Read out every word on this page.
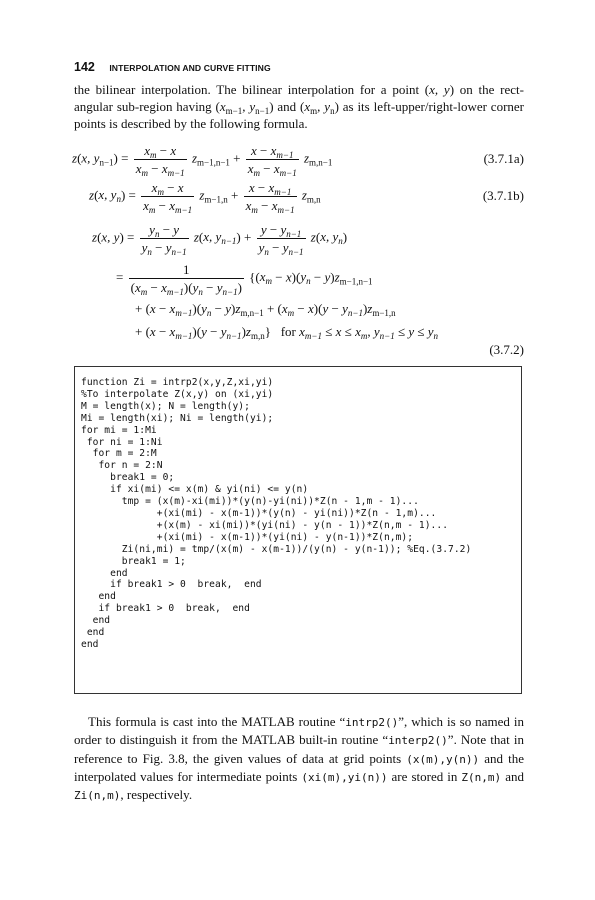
142 INTERPOLATION AND CURVE FITTING

the bilinear interpolation. The bilinear interpolation for a point (x, y) on the rect-angular sub-region having ($x_{m-1}$, $y_{n-1}$) and ($x_m$, $y_n$) as its left-upper/right-lower corner points is described by the following formula.

z(x, $y_{n-1}) = \frac{x_m - x}{x_m - x_{m-1}} z_{m-1,n-1} + \frac{x - x_{m-1}}{x_m - x_{m-1}} z_{m,n-1}$	(3.7.1a)
z(x, $y_n) = \frac{x_m - x}{x_m - x_{m-1}} z_{m-1,n} + \frac{x - x_{m-1}}{x_m - x_{m-1}} z_{m,n}$	(3.7.1b)
z(x, $y) = \frac{y_n - y}{y_n - y_{n-1}} z(x$, $y_{n-1}) + \frac{y - y_{n-1}}{y_n - y_{n-1}} z(x$, $y_n$)
= $\frac{1}{(x_m - x_{m-1})(y_n - y_{n-1})} \{(x_m - x)(y_n - y)z_{m-1,n-1}$
+ $(x - x_{m-1})(y_n - y)z_{m,n-1} + (x_m - x)(y - y_{n-1})z_{m-1,n}$
+ $(x - x_{m-1})(y - y_{n-1})z_{m,n}$}   for $x_{m-1} \le x \le x_m$, $y_{n-1} \le y \le y_n$
(3.7.2)
function Zi = intrp2(x,y,Z,xi,yi)
%To interpolate Z(x,y) on (xi,yi)
M = length(x); N = length(y);
Mi = length(xi); Ni = length(yi);
for mi = 1:Mi
for ni = 1:Ni
for m = 2:M
for n = 2:N
break1 = 0;
if xi(mi) <= x(m) & yi(ni) <= y(n)
tmp = (x(m)-xi(mi))*(y(n)-yi(ni))*Z(n - 1,m - 1)...
+(xi(mi) - x(m-1))*(y(n) - yi(ni))*Z(n - 1,m)...
+(x(m) - xi(mi))*(yi(ni) - y(n - 1))*Z(n,m - 1)...
+(xi(mi) - x(m-1))*(yi(ni) - y(n-1))*Z(n,m);
Zi(ni,mi) = tmp/(x(m) - x(m-1))/(y(n) - y(n-1)); %Eq.(3.7.2)
break1 = 1;
end
if break1 > 0  break,  end
end
if break1 > 0  break,  end
end
end
end

This formula is cast into the MATLAB routine “intrp2()”, which is so named in order to distinguish it from the MATLAB built-in routine “interp2()”. Note that in reference to Fig. 3.8, the given values of data at grid points (x(m),y(n)) and the interpolated values for intermediate points (xi(m),yi(n)) are stored in Z(n,m) and Zi(n,m), respectively.
